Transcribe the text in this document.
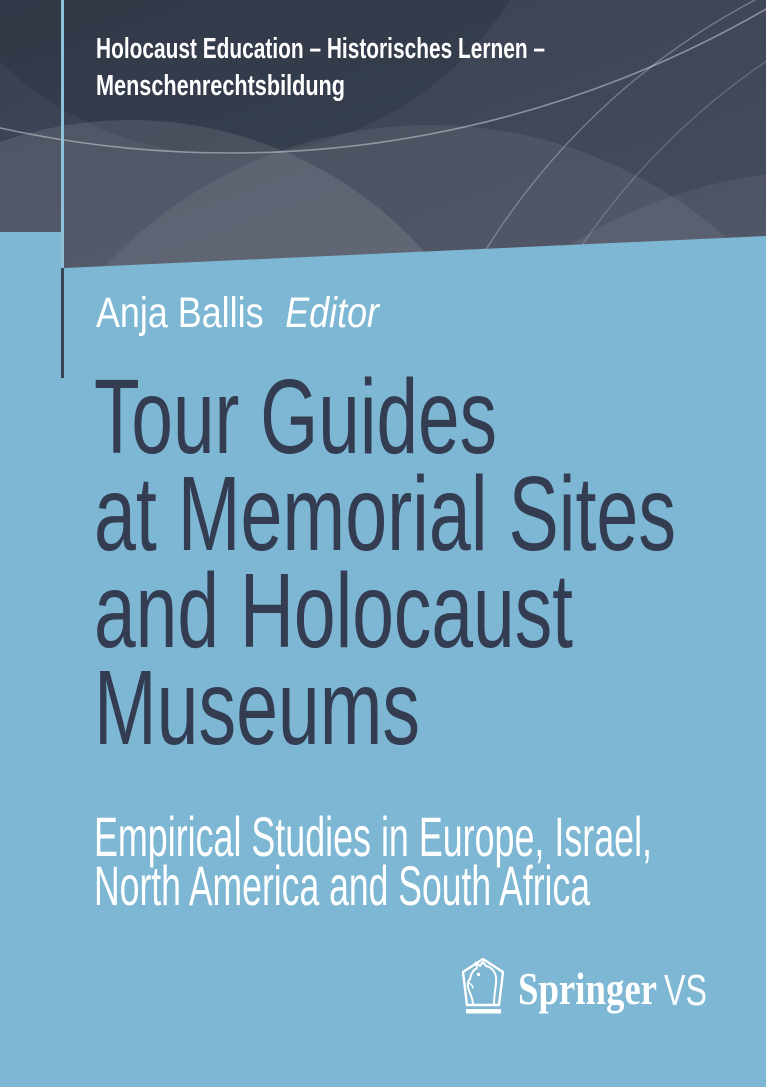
Holocaust Education – Historisches Lernen –
Menschenrechtsbildung
Anja Ballis Editor
Tour Guides
at Memorial Sites
and Holocaust
Museums
Empirical Studies in Europe, Israel,
North America and South Africa
Springer VS
